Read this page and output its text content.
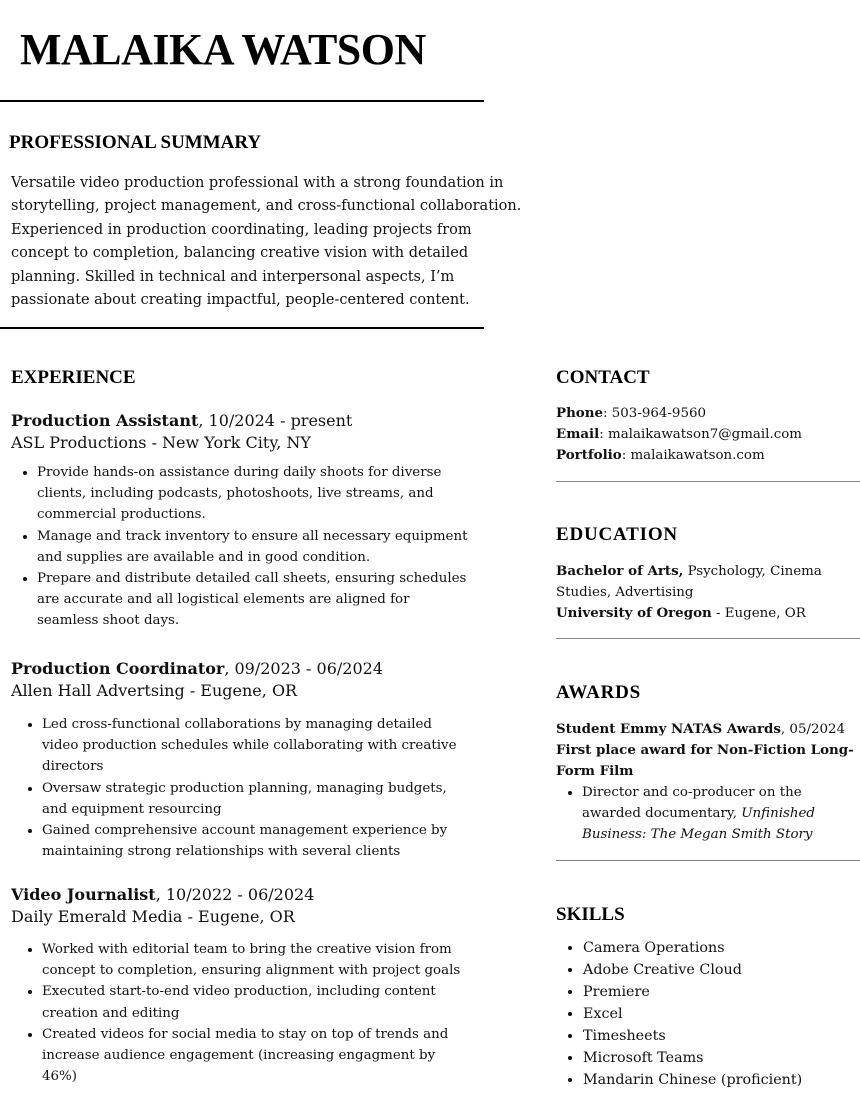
MALAIKA WATSON
PROFESSIONAL SUMMARY

Versatile video production professional with a strong foundation in storytelling, project management, and cross-functional collaboration. Experienced in production coordinating, leading projects from concept to completion, balancing creative vision with detailed planning. Skilled in technical and interpersonal aspects, I’m passionate about creating impactful, people-centered content.

EXPERIENCE

Production Assistant, 10/2024 - present

ASL Productions - New York City, NY

• Provide hands-on assistance during daily shoots for diverse clients, including podcasts, photoshoots, live streams, and commercial productions.
• Manage and track inventory to ensure all necessary equipment and supplies are available and in good condition.
• Prepare and distribute detailed call sheets, ensuring schedules are accurate and all logistical elements are aligned for seamless shoot days.

Production Coordinator, 09/2023 - 06/2024

Allen Hall Advertsing - Eugene, OR

• Led cross-functional collaborations by managing detailed video production schedules while collaborating with creative directors
• Oversaw strategic production planning, managing budgets, and equipment resourcing
• Gained comprehensive account management experience by maintaining strong relationships with several clients

Video Journalist, 10/2022 - 06/2024

Daily Emerald Media - Eugene, OR

• Worked with editorial team to bring the creative vision from concept to completion, ensuring alignment with project goals
• Executed start-to-end video production, including content creation and editing
• Created videos for social media to stay on top of trends and increase audience engagement (increasing engagment by 46%)
CONTACT

Phone: 503-964-9560

Email: malaikawatson7@gmail.com

Portfolio: malaikawatson.com

EDUCATION

Bachelor of Arts, Psychology, Cinema Studies, Advertising

University of Oregon - Eugene, OR

AWARDS

Student Emmy NATAS Awards, 05/2024

First place award for Non-Fiction Long-Form Film

• Director and co-producer on the awarded documentary, Unfinished Business: The Megan Smith Story
SKILLS
• Camera Operations
• Adobe Creative Cloud
• Premiere
• Excel
• Timesheets
• Microsoft Teams
• Mandarin Chinese (proficient)
